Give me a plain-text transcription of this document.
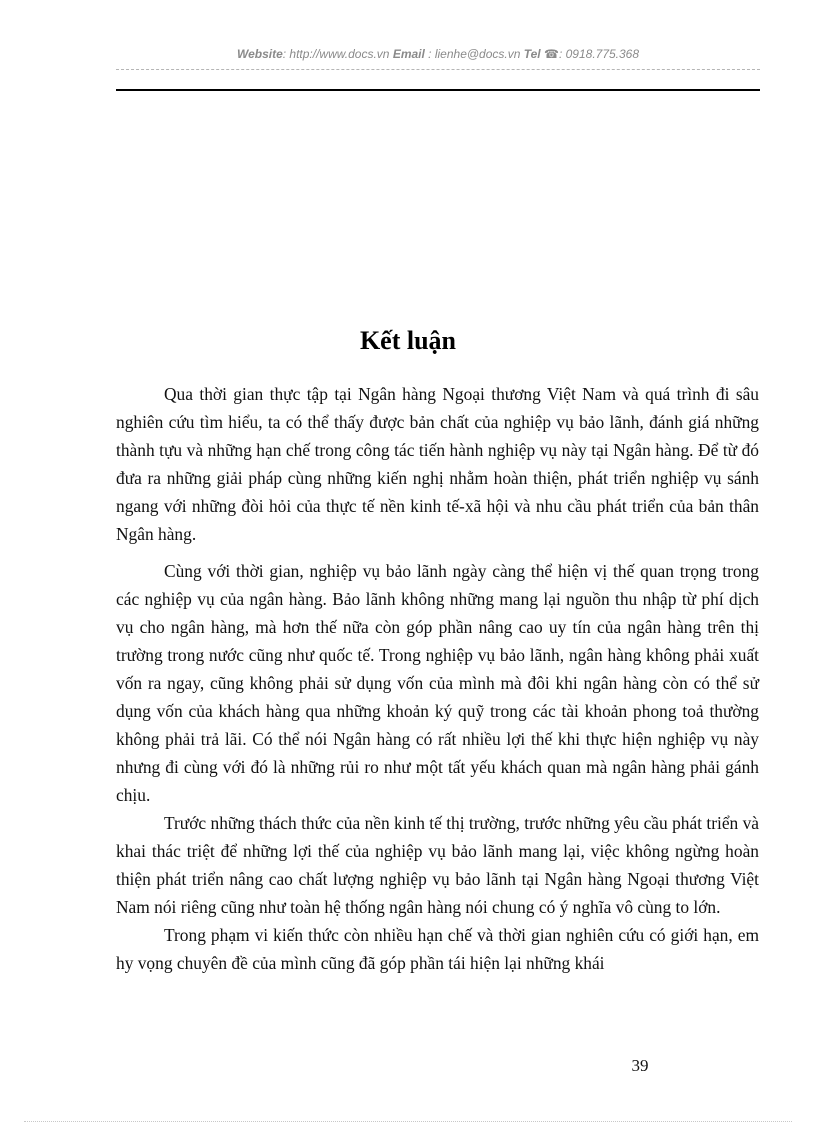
Website: http://www.docs.vn Email : lienhe@docs.vn Tel ☎: 0918.775.368
Kết luận

Qua thời gian thực tập tại Ngân hàng Ngoại thương Việt Nam và quá trình đi sâu nghiên cứu tìm hiểu, ta có thể thấy được bản chất của nghiệp vụ bảo lãnh, đánh giá những thành tựu và những hạn chế trong công tác tiến hành nghiệp vụ này tại Ngân hàng. Để từ đó đưa ra những giải pháp cùng những kiến nghị nhằm hoàn thiện, phát triển nghiệp vụ sánh ngang với những đòi hỏi của thực tế nền kinh tế-xã hội và nhu cầu phát triển của bản thân Ngân hàng.

Cùng với thời gian, nghiệp vụ bảo lãnh ngày càng thể hiện vị thế quan trọng trong các nghiệp vụ của ngân hàng. Bảo lãnh không những mang lại nguồn thu nhập từ phí dịch vụ cho ngân hàng, mà hơn thế nữa còn góp phần nâng cao uy tín của ngân hàng trên thị trường trong nước cũng như quốc tế. Trong nghiệp vụ bảo lãnh, ngân hàng không phải xuất vốn ra ngay, cũng không phải sử dụng vốn của mình mà đôi khi ngân hàng còn có thể sử dụng vốn của khách hàng qua những khoản ký quỹ trong các tài khoản phong toả thường không phải trả lãi. Có thể nói Ngân hàng có rất nhiều lợi thế khi thực hiện nghiệp vụ này nhưng đi cùng với đó là những rủi ro như một tất yếu khách quan mà ngân hàng phải gánh chịu.

Trước những thách thức của nền kinh tế thị trường, trước những yêu cầu phát triển và khai thác triệt để những lợi thế của nghiệp vụ bảo lãnh mang lại, việc không ngừng hoàn thiện phát triển nâng cao chất lượng nghiệp vụ bảo lãnh tại Ngân hàng Ngoại thương Việt Nam nói riêng cũng như toàn hệ thống ngân hàng nói chung có ý nghĩa vô cùng to lớn.

Trong phạm vi kiến thức còn nhiều hạn chế và thời gian nghiên cứu có giới hạn, em hy vọng chuyên đề của mình cũng đã góp phần tái hiện lại những khái

39
